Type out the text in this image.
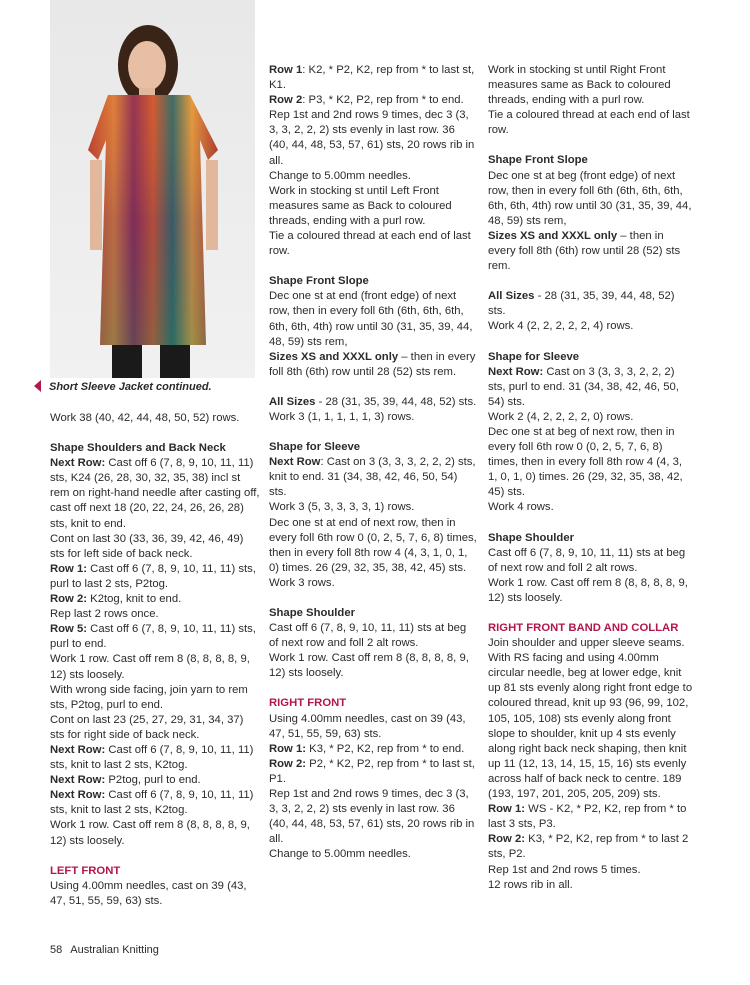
Short Sleeve Jacket continued.

Work 38 (40, 42, 44, 48, 50, 52) rows.

Shape Shoulders and Back Neck

Next Row: Cast off 6 (7, 8, 9, 10, 11, 11) sts, K24 (26, 28, 30, 32, 35, 38) incl st rem on right-hand needle after casting off, cast off next 18 (20, 22, 24, 26, 26, 28) sts, knit to end.

Cont on last 30 (33, 36, 39, 42, 46, 49) sts for left side of back neck.

Row 1: Cast off 6 (7, 8, 9, 10, 11, 11) sts, purl to last 2 sts, P2tog.

Row 2: K2tog, knit to end.

Rep last 2 rows once.

Row 5: Cast off 6 (7, 8, 9, 10, 11, 11) sts, purl to end.

Work 1 row. Cast off rem 8 (8, 8, 8, 8, 9, 12) sts loosely.

With wrong side facing, join yarn to rem sts, P2tog, purl to end.

Cont on last 23 (25, 27, 29, 31, 34, 37) sts for right side of back neck.

Next Row: Cast off 6 (7, 8, 9, 10, 11, 11) sts, knit to last 2 sts, K2tog.

Next Row: P2tog, purl to end.

Next Row: Cast off 6 (7, 8, 9, 10, 11, 11) sts, knit to last 2 sts, K2tog.

Work 1 row. Cast off rem 8 (8, 8, 8, 8, 9, 12) sts loosely.

LEFT FRONT

Using 4.00mm needles, cast on 39 (43, 47, 51, 55, 59, 63) sts.

Row 1: K2, * P2, K2, rep from * to last st, K1.

Row 2: P3, * K2, P2, rep from * to end.

Rep 1st and 2nd rows 9 times, dec 3 (3, 3, 3, 2, 2, 2) sts evenly in last row. 36 (40, 44, 48, 53, 57, 61) sts, 20 rows rib in all.

Change to 5.00mm needles.

Work in stocking st until Left Front measures same as Back to coloured threads, ending with a purl row.

Tie a coloured thread at each end of last row.

Shape Front Slope

Dec one st at end (front edge) of next row, then in every foll 6th (6th, 6th, 6th, 6th, 6th, 4th) row until 30 (31, 35, 39, 44, 48, 59) sts rem,

Sizes XS and XXXL only – then in every foll 8th (6th) row until 28 (52) sts rem.

All Sizes - 28 (31, 35, 39, 44, 48, 52) sts.

Work 3 (1, 1, 1, 1, 1, 3) rows.

Shape for Sleeve

Next Row: Cast on 3 (3, 3, 3, 2, 2, 2) sts, knit to end. 31 (34, 38, 42, 46, 50, 54) sts.

Work 3 (5, 3, 3, 3, 3, 1) rows.

Dec one st at end of next row, then in every foll 6th row 0 (0, 2, 5, 7, 6, 8) times, then in every foll 8th row 4 (4, 3, 1, 0, 1, 0) times. 26 (29, 32, 35, 38, 42, 45) sts.

Work 3 rows.

Shape Shoulder

Cast off 6 (7, 8, 9, 10, 11, 11) sts at beg of next row and foll 2 alt rows.

Work 1 row. Cast off rem 8 (8, 8, 8, 8, 9, 12) sts loosely.

RIGHT FRONT

Using 4.00mm needles, cast on 39 (43, 47, 51, 55, 59, 63) sts.

Row 1: K3, * P2, K2, rep from * to end.

Row 2: P2, * K2, P2, rep from * to last st, P1.

Rep 1st and 2nd rows 9 times, dec 3 (3, 3, 3, 2, 2, 2) sts evenly in last row. 36 (40, 44, 48, 53, 57, 61) sts, 20 rows rib in all.

Change to 5.00mm needles.

Work in stocking st until Right Front measures same as Back to coloured threads, ending with a purl row.

Tie a coloured thread at each end of last row.

Shape Front Slope

Dec one st at beg (front edge) of next row, then in every foll 6th (6th, 6th, 6th, 6th, 6th, 4th) row until 30 (31, 35, 39, 44, 48, 59) sts rem,

Sizes XS and XXXL only – then in every foll 8th (6th) row until 28 (52) sts rem.

All Sizes - 28 (31, 35, 39, 44, 48, 52) sts.

Work 4 (2, 2, 2, 2, 2, 4) rows.

Shape for Sleeve

Next Row: Cast on 3 (3, 3, 3, 2, 2, 2) sts, purl to end. 31 (34, 38, 42, 46, 50, 54) sts.

Work 2 (4, 2, 2, 2, 2, 0) rows.

Dec one st at beg of next row, then in every foll 6th row 0 (0, 2, 5, 7, 6, 8) times, then in every foll 8th row 4 (4, 3, 1, 0, 1, 0) times. 26 (29, 32, 35, 38, 42, 45) sts.

Work 4 rows.

Shape Shoulder

Cast off 6 (7, 8, 9, 10, 11, 11) sts at beg of next row and foll 2 alt rows.

Work 1 row. Cast off rem 8 (8, 8, 8, 8, 9, 12) sts loosely.

RIGHT FRONT BAND AND COLLAR

Join shoulder and upper sleeve seams. With RS facing and using 4.00mm circular needle, beg at lower edge, knit up 81 sts evenly along right front edge to coloured thread, knit up 93 (96, 99, 102, 105, 105, 108) sts evenly along front slope to shoulder, knit up 4 sts evenly along right back neck shaping, then knit up 11 (12, 13, 14, 15, 15, 16) sts evenly across half of back neck to centre. 189 (193, 197, 201, 205, 205, 209) sts.

Row 1: WS - K2, * P2, K2, rep from * to last 3 sts, P3.

Row 2: K3, * P2, K2, rep from * to last 2 sts, P2.

Rep 1st and 2nd rows 5 times.

12 rows rib in all.

58 Australian Knitting
